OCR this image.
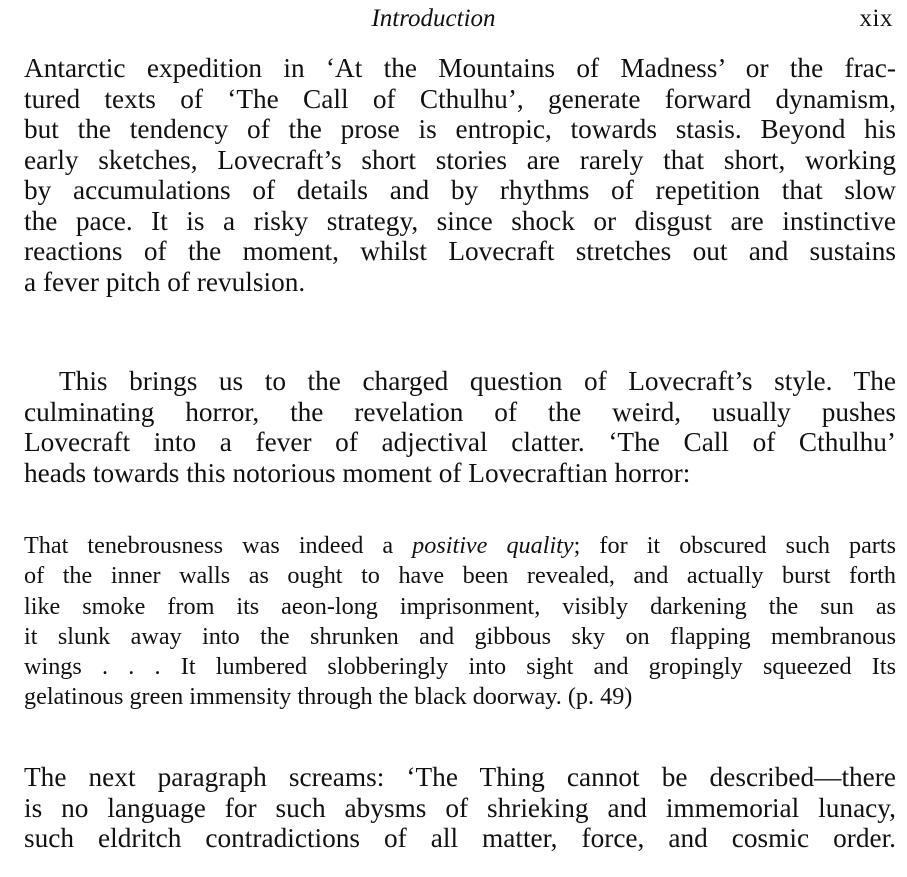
Introduction	xix
Antarctic expedition in ‘At the Mountains of Madness’ or the frac-
tured texts of ‘The Call of Cthulhu’, generate forward dynamism,
but the tendency of the prose is entropic, towards stasis. Beyond his
early sketches, Lovecraft’s short stories are rarely that short, working
by accumulations of details and by rhythms of repetition that slow
the pace. It is a risky strategy, since shock or disgust are instinctive
reactions of the moment, whilst Lovecraft stretches out and sustains
a fever pitch of revulsion.
This brings us to the charged question of Lovecraft’s style. The
culminating horror, the revelation of the weird, usually pushes
Lovecraft into a fever of adjectival clatter. ‘The Call of Cthulhu’
heads towards this notorious moment of Lovecraftian horror:
That tenebrousness was indeed a positive quality; for it obscured such parts
of the inner walls as ought to have been revealed, and actually burst forth
like smoke from its aeon-long imprisonment, visibly darkening the sun as
it slunk away into the shrunken and gibbous sky on flapping membranous
wings . . . It lumbered slobberingly into sight and gropingly squeezed Its
gelatinous green immensity through the black doorway. (p. 49)
The next paragraph screams: ‘The Thing cannot be described—there
is no language for such abysms of shrieking and immemorial lunacy,
such eldritch contradictions of all matter, force, and cosmic order.
